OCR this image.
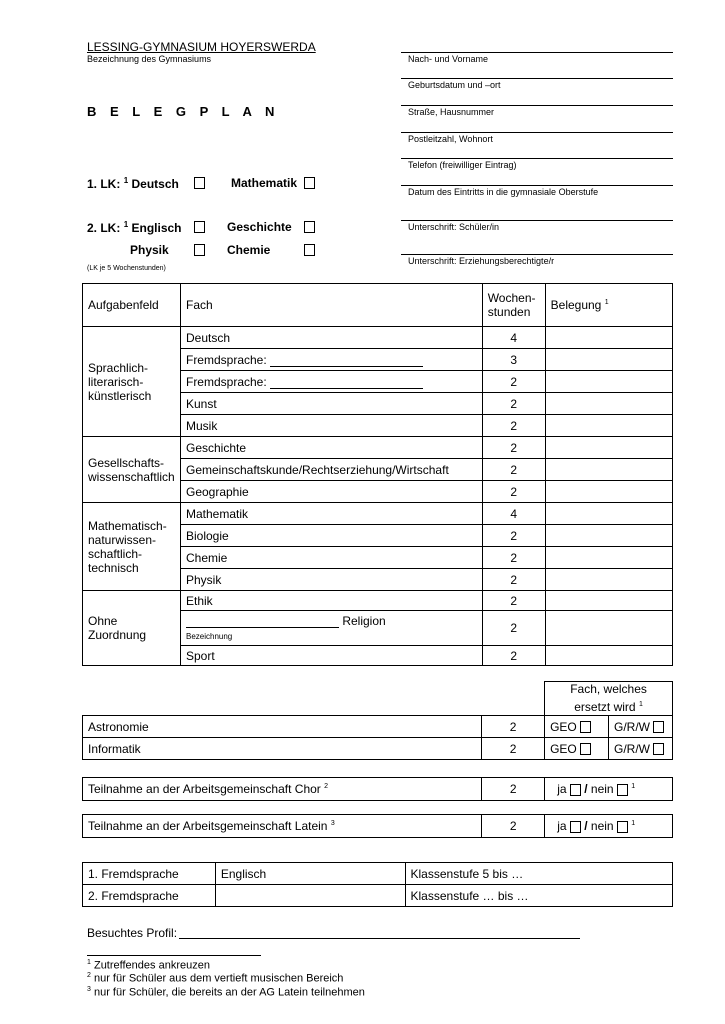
LESSING-GYMNASIUM HOYERSWERDA
Bezeichnung des Gymnasiums
B E L E G P L A N
Nach- und Vorname
Geburtsdatum und –ort
Straße, Hausnummer
Postleitzahl, Wohnort
Telefon (freiwilliger Eintrag)
Datum des Eintritts in die gymnasiale Oberstufe
Unterschrift: Schüler/in
Unterschrift: Erziehungsberechtigte/r
1. LK: $^1$ Deutsch	Mathematik
2. LK: $^1$ Englisch	Geschichte
Physik	Chemie
(LK je 5 Wochenstunden)
Aufgabenfeld	Fach	Wochen-
stunden	Belegung $^1$
Sprachlich-
literarisch-
künstlerisch	Deutsch	4	
	Fremdsprache:	3	
	Fremdsprache:	2	
	Kunst	2	
	Musik	2	
Gesellschafts-
wissenschaftlich	Geschichte	2	
	Gemeinschaftskunde/Rechtserziehung/Wirtschaft	2	
	Geographie	2	
Mathematisch-
naturwissen-
schaftlich-
technisch	Mathematik	4	
	Biologie	2	
	Chemie	2	
	Physik	2	
Ohne
Zuordnung	Ethik	2	
	Religion
Bezeichnung	2	
	Sport	2	
		Fach, welches
ersetzt wird $^1$
Astronomie	2	GEO	G/R/W
Informatik	2	GEO	G/R/W
Teilnahme an der Arbeitsgemeinschaft Chor $^2$	2	ja / nein	$^1$
Teilnahme an der Arbeitsgemeinschaft Latein $^3$	2	ja / nein	$^1$
1. Fremdsprache	Englisch	Klassenstufe 5 bis …
2. Fremdsprache		Klassenstufe … bis …
Besuchtes Profil:
$^1$ Zutreffendes ankreuzen
$^2$ nur für Schüler aus dem vertieft musischen Bereich
$^3$ nur für Schüler, die bereits an der AG Latein teilnehmen
